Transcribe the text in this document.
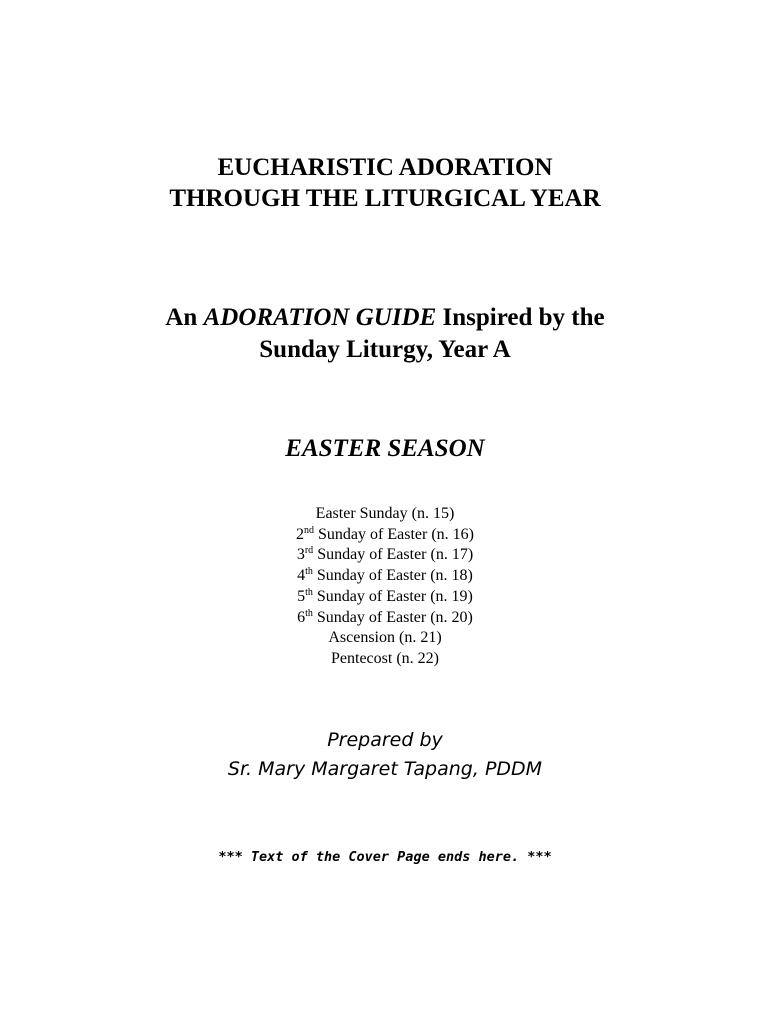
EUCHARISTIC ADORATION
THROUGH THE LITURGICAL YEAR
An ADORATION GUIDE Inspired by the
Sunday Liturgy, Year A
EASTER SEASON
Easter Sunday (n. 15)
2nd Sunday of Easter (n. 16)
3rd Sunday of Easter (n. 17)
4th Sunday of Easter (n. 18)
5th Sunday of Easter (n. 19)
6th Sunday of Easter (n. 20)
Ascension (n. 21)
Pentecost (n. 22)
Prepared by
Sr. Mary Margaret Tapang, PDDM
*** Text of the Cover Page ends here. ***
